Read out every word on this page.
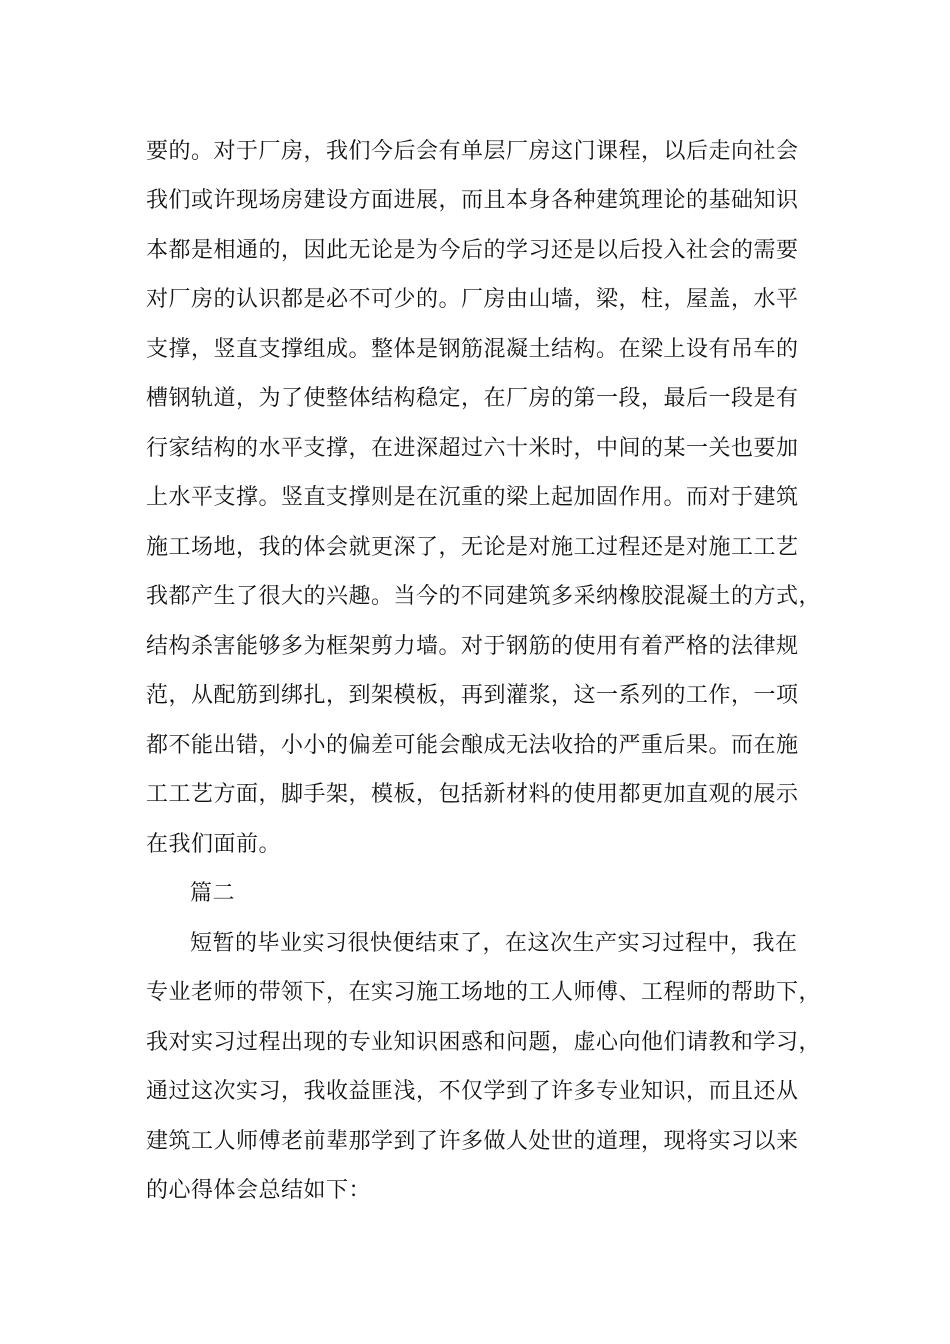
要的。对于厂房，我们今后会有单层厂房这门课程，以后走向社会
我们或许现场房建设方面进展，而且本身各种建筑理论的基础知识
本都是相通的，因此无论是为今后的学习还是以后投入社会的需要
对厂房的认识都是必不可少的。厂房由山墙，梁，柱，屋盖，水平
支撑，竖直支撑组成。整体是钢筋混凝土结构。在梁上设有吊车的
槽钢轨道，为了使整体结构稳定，在厂房的第一段，最后一段是有
行家结构的水平支撑，在进深超过六十米时，中间的某一关也要加
上水平支撑。竖直支撑则是在沉重的梁上起加固作用。而对于建筑
施工场地，我的体会就更深了，无论是对施工过程还是对施工工艺
我都产生了很大的兴趣。当今的不同建筑多采纳橡胶混凝土的方式，
结构杀害能够多为框架剪力墙。对于钢筋的使用有着严格的法律规
范，从配筋到绑扎，到架模板，再到灌浆，这一系列的工作，一项
都不能出错，小小的偏差可能会酿成无法收拾的严重后果。而在施
工工艺方面，脚手架，模板，包括新材料的使用都更加直观的展示
在我们面前。
篇二
短暂的毕业实习很快便结束了，在这次生产实习过程中，我在
专业老师的带领下，在实习施工场地的工人师傅、工程师的帮助下，
我对实习过程出现的专业知识困惑和问题，虚心向他们请教和学习，
通过这次实习，我收益匪浅，不仅学到了许多专业知识，而且还从
建筑工人师傅老前辈那学到了许多做人处世的道理，现将实习以来
的心得体会总结如下：
